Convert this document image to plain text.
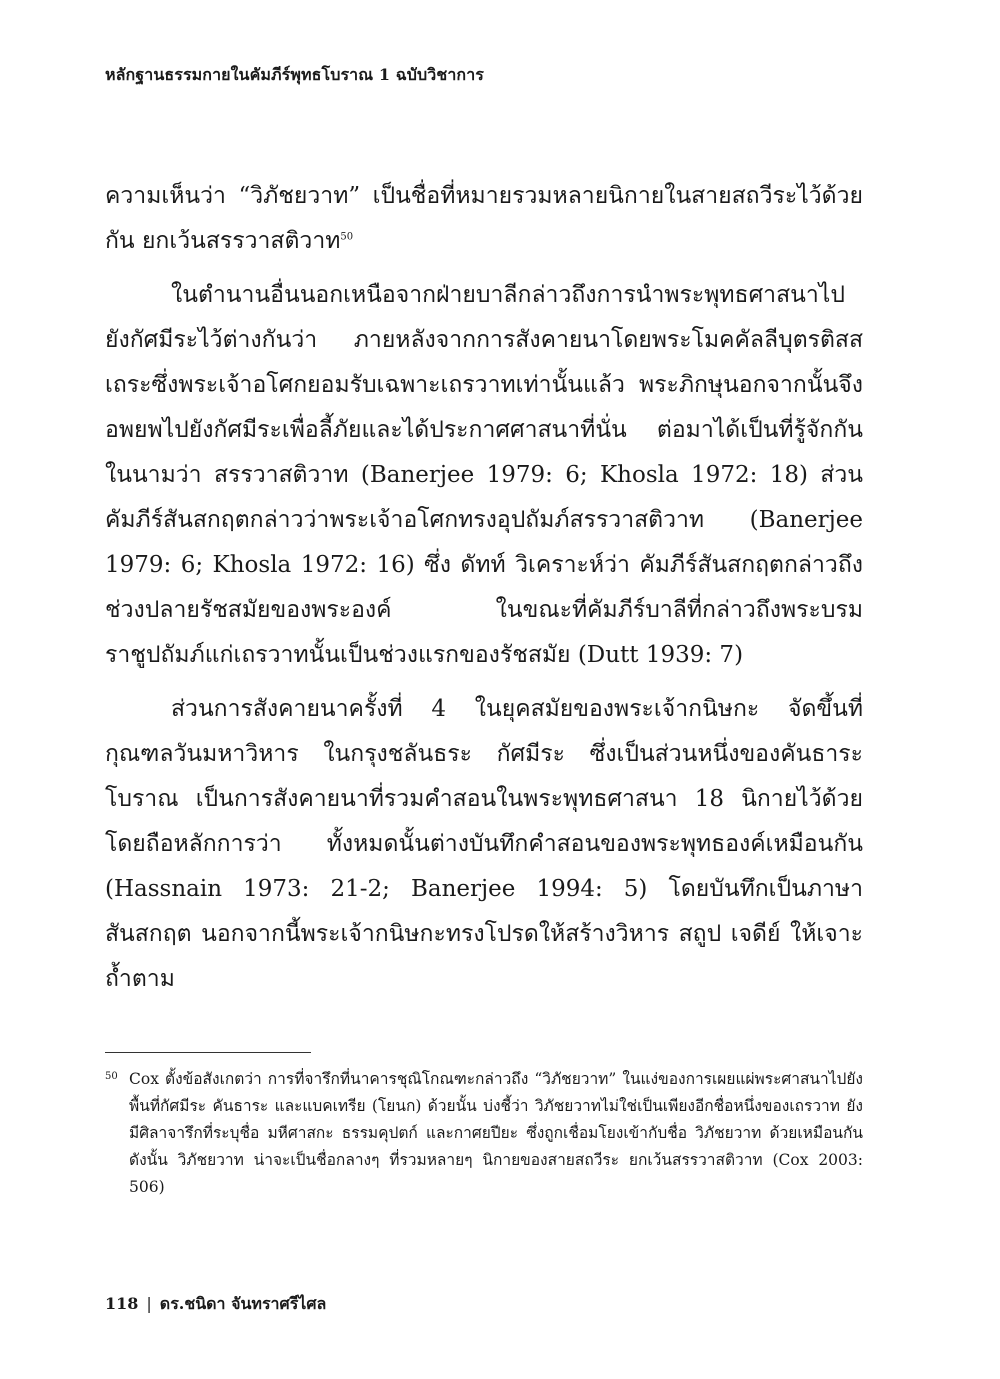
หลักฐานธรรมกายในคัมภีร์พุทธโบราณ 1 ฉบับวิชาการ

ความเห็นว่า “วิภัชยวาท” เป็นชื่อที่หมายรวมหลายนิกายในสายสถวีระไว้ด้วยกัน ยกเว้นสรรวาสติวาท$^{50}$

ในตำนานอื่นนอกเหนือจากฝ่ายบาลีกล่าวถึงการนำพระพุทธศาสนาไปยังกัศมีระไว้ต่างกันว่า ภายหลังจากการสังคายนาโดยพระโมคคัลลีบุตรติสสเถระซึ่งพระเจ้าอโศกยอมรับเฉพาะเถรวาทเท่านั้นแล้ว พระภิกษุนอกจากนั้นจึงอพยพไปยังกัศมีระเพื่อลี้ภัยและได้ประกาศศาสนาที่นั่น ต่อมาได้เป็นที่รู้จักกันในนามว่า สรรวาสติวาท (Banerjee 1979: 6; Khosla 1972: 18) ส่วนคัมภีร์สันสกฤตกล่าวว่าพระเจ้าอโศกทรงอุปถัมภ์สรรวาสติวาท (Banerjee 1979: 6; Khosla 1972: 16) ซึ่ง ดัทท์ วิเคราะห์ว่า คัมภีร์สันสกฤตกล่าวถึงช่วงปลายรัชสมัยของพระองค์ ในขณะที่คัมภีร์บาลีที่กล่าวถึงพระบรมราชูปถัมภ์แก่เถรวาทนั้นเป็นช่วงแรกของรัชสมัย (Dutt 1939: 7)

ส่วนการสังคายนาครั้งที่ 4 ในยุคสมัยของพระเจ้ากนิษกะ จัดขึ้นที่กุณฑลวันมหาวิหาร ในกรุงชลันธระ กัศมีระ ซึ่งเป็นส่วนหนึ่งของคันธาระโบราณ เป็นการสังคายนาที่รวมคำสอนในพระพุทธศาสนา 18 นิกายไว้ด้วยโดยถือหลักการว่า ทั้งหมดนั้นต่างบันทึกคำสอนของพระพุทธองค์เหมือนกัน (Hassnain 1973: 21-2; Banerjee 1994: 5) โดยบันทึกเป็นภาษาสันสกฤต นอกจากนี้พระเจ้ากนิษกะทรงโปรดให้สร้างวิหาร สถูป เจดีย์ ให้เจาะถ้ำตาม

50 Cox ตั้งข้อสังเกตว่า การที่จารึกที่นาคารชุณิโกณฑะกล่าวถึง “วิภัชยวาท” ในแง่ของการเผยแผ่พระศาสนาไปยังพื้นที่กัศมีระ คันธาระ และแบคเทรีย (โยนก) ด้วยนั้น บ่งชี้ว่า วิภัชยวาทไม่ใช่เป็นเพียงอีกชื่อหนึ่งของเถรวาท ยังมีศิลาจารึกที่ระบุชื่อ มหีศาสกะ ธรรมคุปตก์ และกาศยปียะ ซึ่งถูกเชื่อมโยงเข้ากับชื่อ วิภัชยวาท ด้วยเหมือนกัน ดังนั้น วิภัชยวาท น่าจะเป็นชื่อกลางๆ ที่รวมหลายๆ นิกายของสายสถวีระ ยกเว้นสรรวาสติวาท (Cox 2003: 506)
118 | ดร.ชนิดา จันทราศรีไศล
